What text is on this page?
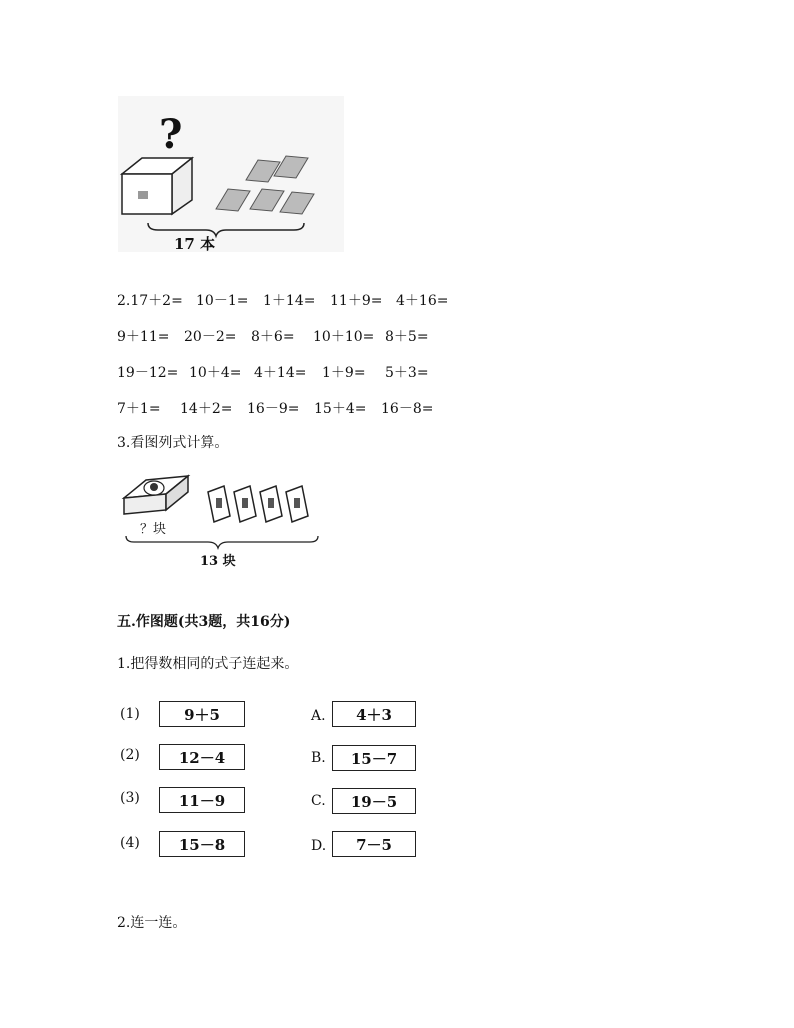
?
17 本
2.17＋2= 10－1= 1＋14= 11＋9= 4＋16=
9＋11= 20－2= 8＋6= 10＋10= 8＋5=
19－12= 10＋4= 4＋14= 1＋9= 5＋3=
7＋1= 14＋2= 16－9= 15＋4= 16－8=
3.看图列式计算。
？块
13 块
五.作图题(共3题，共16分)
1.把得数相同的式子连起来。
(1)	9＋5
(2)	12－4
(3)	11－9
(4)	15－8
A.	4＋3
B.	15－7
C.	19－5
D.	7－5
2.连一连。
